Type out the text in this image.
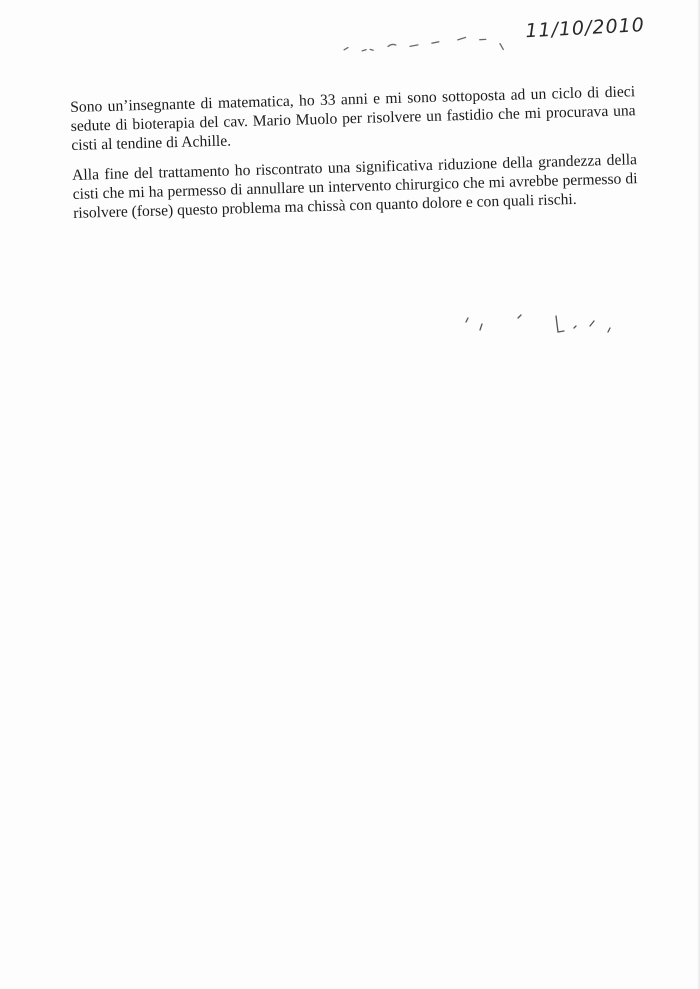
11/10/2010

Sono un’insegnante di matematica, ho 33 anni e mi sono sottoposta ad un ciclo di dieci sedute di bioterapia del cav. Mario Muolo per risolvere un fastidio che mi procurava una cisti al tendine di Achille.

Alla fine del trattamento ho riscontrato una significativa riduzione della grandezza della cisti che mi ha permesso di annullare un intervento chirurgico che mi avrebbe permesso di risolvere (forse) questo problema ma chissà con quanto dolore e con quali rischi.
